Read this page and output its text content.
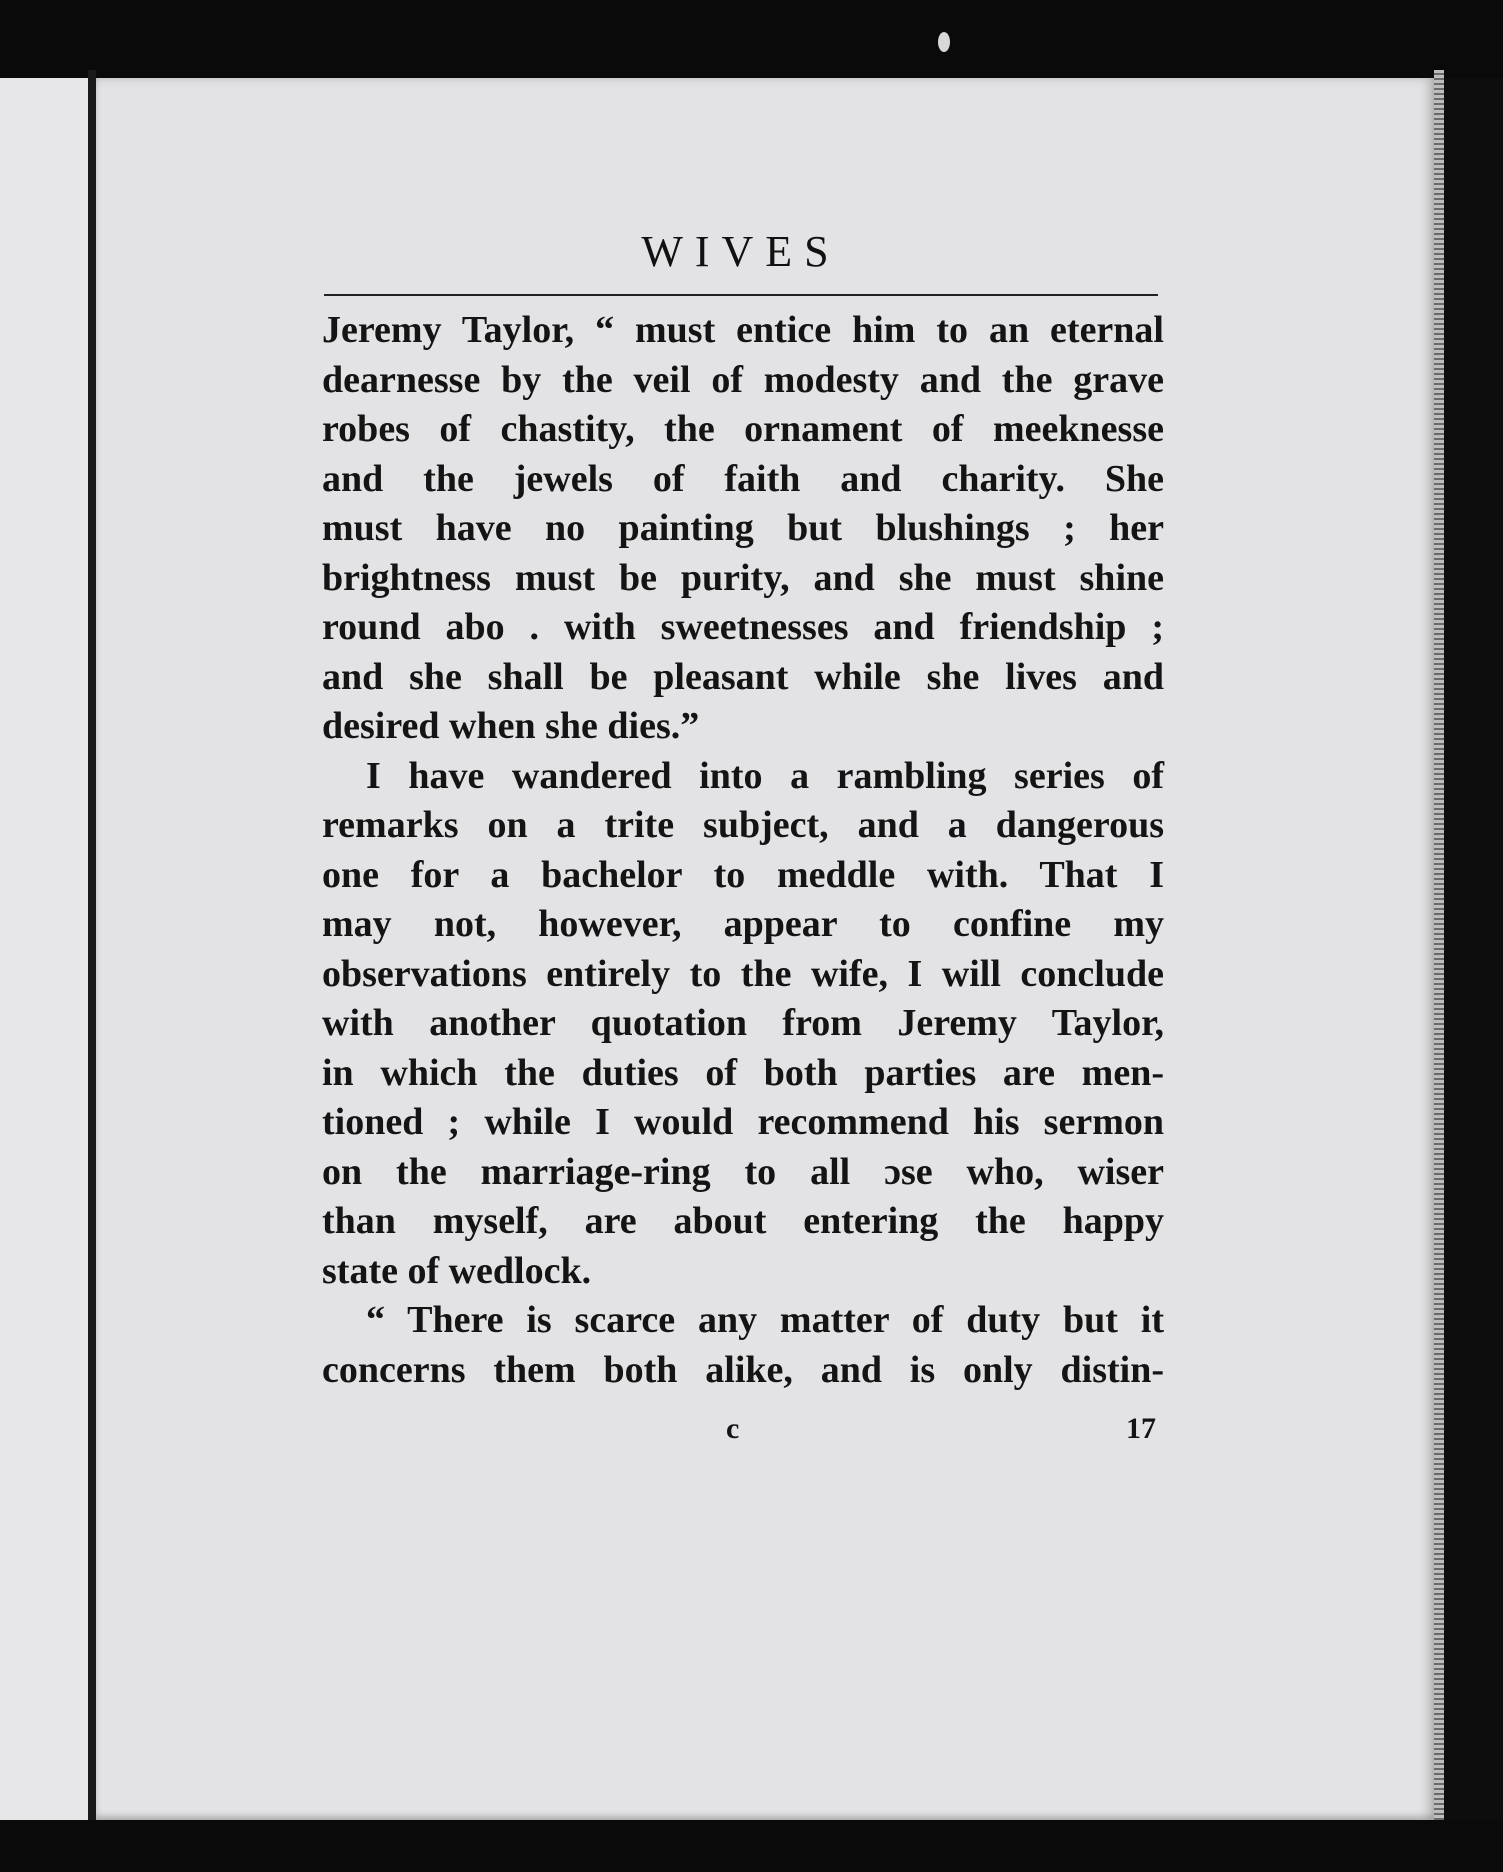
WIVES
Jeremy Taylor, “ must entice him to an eternal
dearnesse by the veil of modesty and the grave
robes of chastity, the ornament of meeknesse
and the jewels of faith and charity. She
must have no painting but blushings ; her
brightness must be purity, and she must shine
round abo . with sweetnesses and friendship ;
and she shall be pleasant while she lives and
desired when she dies.”
I have wandered into a rambling series of
remarks on a trite subject, and a dangerous
one for a bachelor to meddle with. That I
may not, however, appear to confine my
observations entirely to the wife, I will conclude
with another quotation from Jeremy Taylor,
in which the duties of both parties are men-
tioned ; while I would recommend his sermon
on the marriage-ring to all ɔse who, wiser
than myself, are about entering the happy
state of wedlock.
“ There is scarce any matter of duty but it
concerns them both alike, and is only distin-
c	17
